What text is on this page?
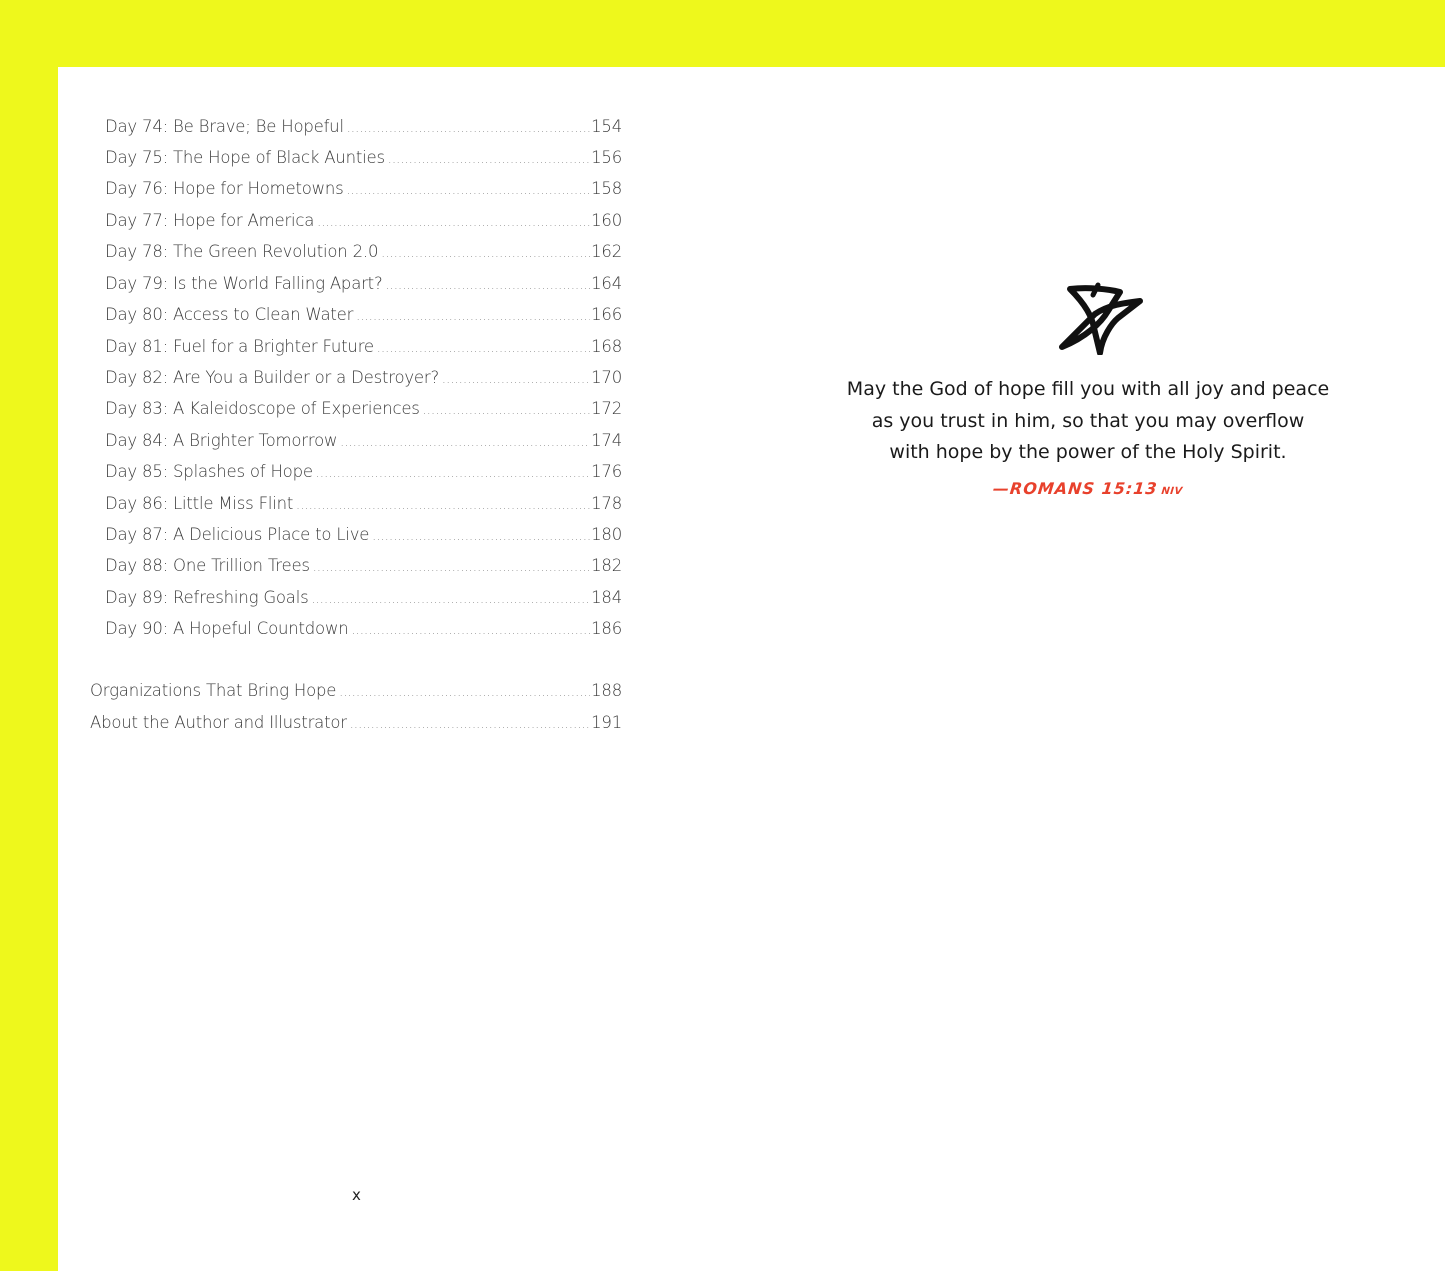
Day 74: Be Brave; Be Hopeful .....	154
Day 75: The Hope of Black Aunties .....	156
Day 76: Hope for Hometowns .....	158
Day 77: Hope for America .....	160
Day 78: The Green Revolution 2.0 .....	162
Day 79: Is the World Falling Apart? .....	164
Day 80: Access to Clean Water .....	166
Day 81: Fuel for a Brighter Future .....	168
Day 82: Are You a Builder or a Destroyer? .....	170
Day 83: A Kaleidoscope of Experiences .....	172
Day 84: A Brighter Tomorrow .....	174
Day 85: Splashes of Hope .....	176
Day 86: Little Miss Flint .....	178
Day 87: A Delicious Place to Live .....	180
Day 88: One Trillion Trees .....	182
Day 89: Refreshing Goals .....	184
Day 90: A Hopeful Countdown .....	186
Organizations That Bring Hope .....	188
About the Author and Illustrator .....	191
x
May the God of hope fill you with all joy and peace
as you trust in him, so that you may overflow
with hope by the power of the Holy Spirit.
—ROMANS 15:13 NIV
